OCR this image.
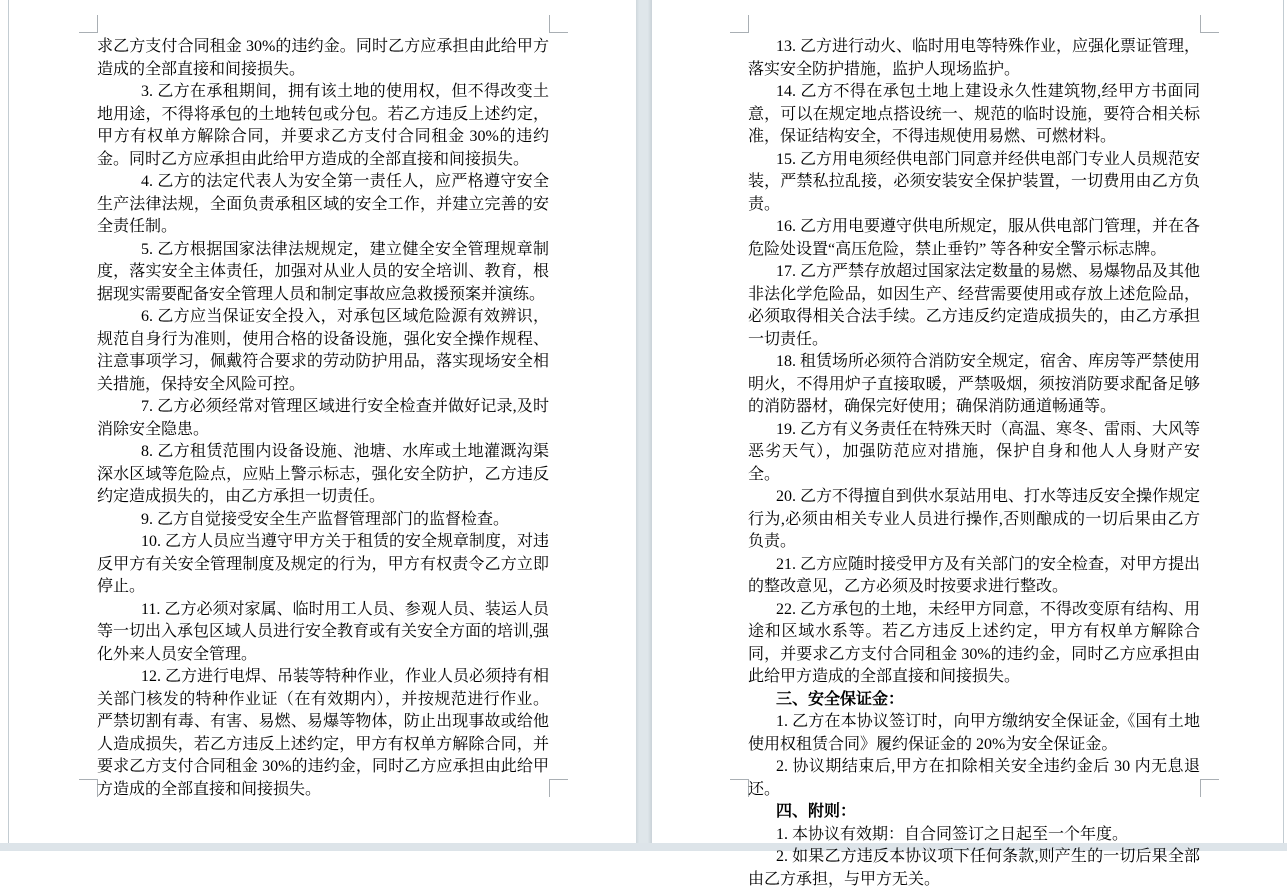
求乙方支付合同租金 30%的违约金。同时乙方应承担由此给甲方造成的全部直接和间接损失。
3. 乙方在承租期间，拥有该土地的使用权，但不得改变土地用途，不得将承包的土地转包或分包。若乙方违反上述约定，甲方有权单方解除合同，并要求乙方支付合同租金 30%的违约金。同时乙方应承担由此给甲方造成的全部直接和间接损失。
4. 乙方的法定代表人为安全第一责任人，应严格遵守安全生产法律法规，全面负责承租区域的安全工作，并建立完善的安全责任制。
5. 乙方根据国家法律法规规定，建立健全安全管理规章制度，落实安全主体责任，加强对从业人员的安全培训、教育，根据现实需要配备安全管理人员和制定事故应急救援预案并演练。
6. 乙方应当保证安全投入，对承包区域危险源有效辨识，规范自身行为准则，使用合格的设备设施，强化安全操作规程、注意事项学习，佩戴符合要求的劳动防护用品，落实现场安全相关措施，保持安全风险可控。
7. 乙方必须经常对管理区域进行安全检查并做好记录,及时消除安全隐患。
8. 乙方租赁范围内设备设施、池塘、水库或土地灌溉沟渠深水区域等危险点，应贴上警示标志，强化安全防护，乙方违反约定造成损失的，由乙方承担一切责任。
9. 乙方自觉接受安全生产监督管理部门的监督检查。
10. 乙方人员应当遵守甲方关于租赁的安全规章制度，对违反甲方有关安全管理制度及规定的行为，甲方有权责令乙方立即停止。
11. 乙方必须对家属、临时用工人员、参观人员、装运人员等一切出入承包区域人员进行安全教育或有关安全方面的培训,强化外来人员安全管理。
12. 乙方进行电焊、吊装等特种作业，作业人员必须持有相关部门核发的特种作业证（在有效期内），并按规范进行作业。严禁切割有毒、有害、易燃、易爆等物体，防止出现事故或给他人造成损失，若乙方违反上述约定，甲方有权单方解除合同，并要求乙方支付合同租金 30%的违约金，同时乙方应承担由此给甲方造成的全部直接和间接损失。
13. 乙方进行动火、临时用电等特殊作业，应强化票证管理，落实安全防护措施，监护人现场监护。
14. 乙方不得在承包土地上建设永久性建筑物,经甲方书面同意，可以在规定地点搭设统一、规范的临时设施，要符合相关标准，保证结构安全，不得违规使用易燃、可燃材料。
15. 乙方用电须经供电部门同意并经供电部门专业人员规范安装，严禁私拉乱接，必须安装安全保护装置，一切费用由乙方负责。
16. 乙方用电要遵守供电所规定，服从供电部门管理，并在各危险处设置“高压危险，禁止垂钓” 等各种安全警示标志牌。
17. 乙方严禁存放超过国家法定数量的易燃、易爆物品及其他非法化学危险品，如因生产、经营需要使用或存放上述危险品，必须取得相关合法手续。乙方违反约定造成损失的，由乙方承担一切责任。
18. 租赁场所必须符合消防安全规定，宿舍、库房等严禁使用明火，不得用炉子直接取暖，严禁吸烟，须按消防要求配备足够的消防器材，确保完好使用；确保消防通道畅通等。
19. 乙方有义务责任在特殊天时（高温、寒冬、雷雨、大风等恶劣天气），加强防范应对措施，保护自身和他人人身财产安全。
20. 乙方不得擅自到供水泵站用电、打水等违反安全操作规定行为,必须由相关专业人员进行操作,否则酿成的一切后果由乙方负责。
21. 乙方应随时接受甲方及有关部门的安全检查，对甲方提出的整改意见，乙方必须及时按要求进行整改。
22. 乙方承包的土地，未经甲方同意，不得改变原有结构、用途和区域水系等。若乙方违反上述约定，甲方有权单方解除合同，并要求乙方支付合同租金 30%的违约金，同时乙方应承担由此给甲方造成的全部直接和间接损失。
三、安全保证金：
1. 乙方在本协议签订时，向甲方缴纳安全保证金,《国有土地使用权租赁合同》履约保证金的 20%为安全保证金。
2. 协议期结束后,甲方在扣除相关安全违约金后 30 内无息退还。
四、附则：
1. 本协议有效期：自合同签订之日起至一个年度。
2. 如果乙方违反本协议项下任何条款,则产生的一切后果全部由乙方承担，与甲方无关。
